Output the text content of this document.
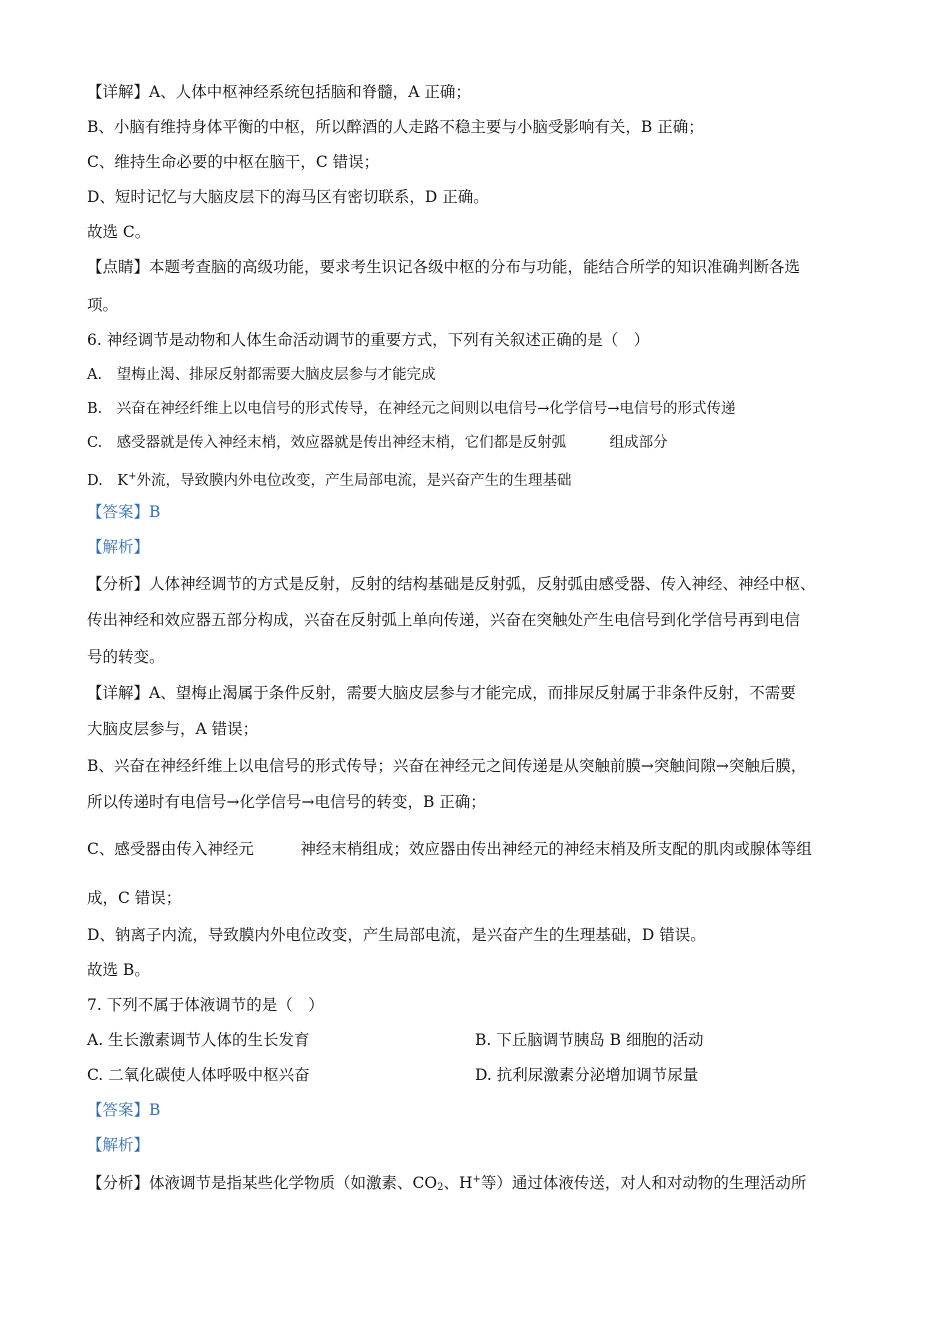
【详解】A、人体中枢神经系统包括脑和脊髓，A 正确；
B、小脑有维持身体平衡的中枢，所以醉酒的人走路不稳主要与小脑受影响有关，B 正确；
C、维持生命必要的中枢在脑干，C 错误；
D、短时记忆与大脑皮层下的海马区有密切联系，D 正确。
故选 C。
【点睛】本题考查脑的高级功能，要求考生识记各级中枢的分布与功能，能结合所学的知识准确判断各选
项。
6. 神经调节是动物和人体生命活动调节的重要方式，下列有关叙述正确的是（　）
A.　望梅止渴、排尿反射都需要大脑皮层参与才能完成
B.　兴奋在神经纤维上以电信号的形式传导，在神经元之间则以电信号→化学信号→电信号的形式传递
C.　感受器就是传入神经末梢，效应器就是传出神经末梢，它们都是反射弧　　　组成部分
D.　K+外流，导致膜内外电位改变，产生局部电流，是兴奋产生的生理基础
【答案】B
【解析】
【分析】人体神经调节的方式是反射，反射的结构基础是反射弧，反射弧由感受器、传入神经、神经中枢、
传出神经和效应器五部分构成，兴奋在反射弧上单向传递，兴奋在突触处产生电信号到化学信号再到电信
号的转变。
【详解】A、望梅止渴属于条件反射，需要大脑皮层参与才能完成，而排尿反射属于非条件反射，不需要
大脑皮层参与，A 错误；
B、兴奋在神经纤维上以电信号的形式传导；兴奋在神经元之间传递是从突触前膜→突触间隙→突触后膜，
所以传递时有电信号→化学信号→电信号的转变，B 正确；
C、感受器由传入神经元　　　神经末梢组成；效应器由传出神经元的神经末梢及所支配的肌肉或腺体等组
成，C 错误；
D、钠离子内流，导致膜内外电位改变，产生局部电流，是兴奋产生的生理基础，D 错误。
故选 B。
7. 下列不属于体液调节的是（　）
A. 生长激素调节人体的生长发育	B. 下丘脑调节胰岛 B 细胞的活动
C. 二氧化碳使人体呼吸中枢兴奋	D. 抗利尿激素分泌增加调节尿量
【答案】B
【解析】
【分析】体液调节是指某些化学物质（如激素、$CO_2$、H+等）通过体液传送，对人和对动物的生理活动所
